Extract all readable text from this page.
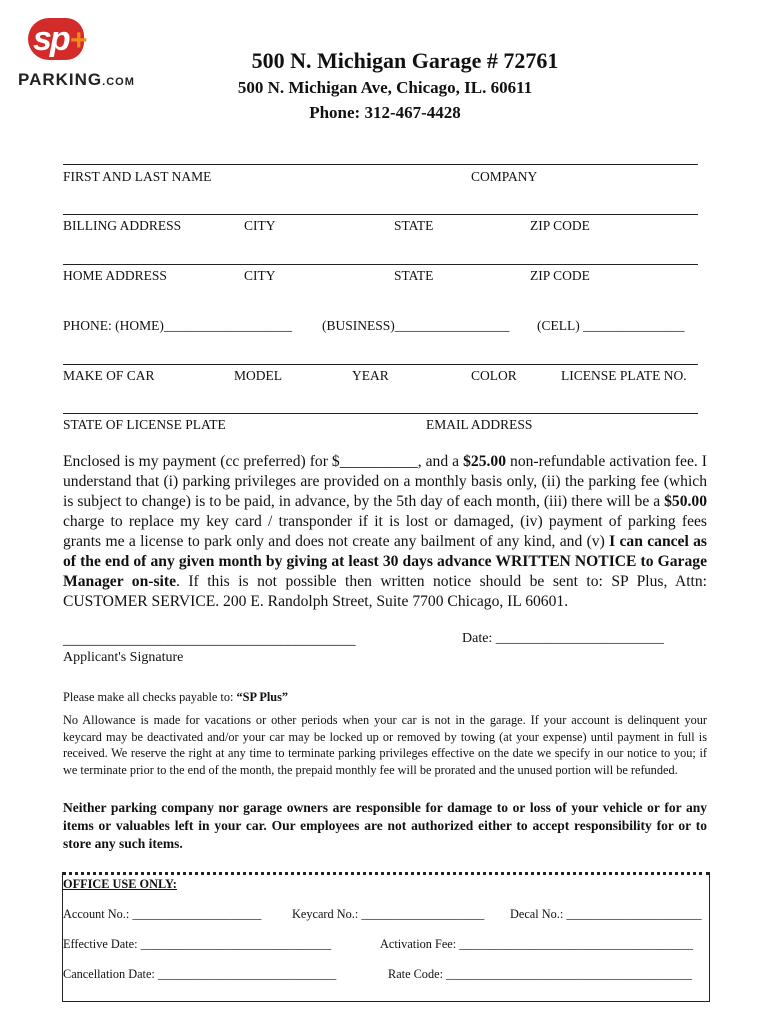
sp +
PARKING.COM
500 N. Michigan Garage # 72761
500 N. Michigan Ave, Chicago, IL. 60611
Phone: 312-467-4428
FIRST AND LAST NAME	COMPANY
BILLING ADDRESS	CITY	STATE	ZIP CODE
HOME ADDRESS	CITY	STATE	ZIP CODE
PHONE: (HOME)___________________ (BUSINESS)_________________ (CELL) _______________
MAKE OF CAR	MODEL	YEAR	COLOR	LICENSE PLATE NO.
STATE OF LICENSE PLATE	EMAIL ADDRESS
Enclosed is my payment (cc preferred) for $__________, and a $25.00 non-refundable activation fee. I understand that (i) parking privileges are provided on a monthly basis only, (ii) the parking fee (which is subject to change) is to be paid, in advance, by the 5th day of each month, (iii) there will be a $50.00 charge to replace my key card / transponder if it is lost or damaged, (iv) payment of parking fees grants me a license to park only and does not create any bailment of any kind, and (v) I can cancel as of the end of any given month by giving at least 30 days advance WRITTEN NOTICE to Garage Manager on-site. If this is not possible then written notice should be sent to: SP Plus, Attn: CUSTOMER SERVICE. 200 E. Randolph Street, Suite 7700 Chicago, IL 60601.
_______________________________________
Applicant's Signature
Date: ________________________
Please make all checks payable to: “SP Plus”
No Allowance is made for vacations or other periods when your car is not in the garage. If your account is delinquent your keycard may be deactivated and/or your car may be locked up or removed by towing (at your expense) until payment in full is received. We reserve the right at any time to terminate parking privileges effective on the date we specify in our notice to you; if we terminate prior to the end of the month, the prepaid monthly fee will be prorated and the unused portion will be refunded.
Neither parking company nor garage owners are responsible for damage to or loss of your vehicle or for any items or valuables left in your car. Our employees are not authorized either to accept responsibility for or to store any such items.
OFFICE USE ONLY:
Account No.: _____________________ Keycard No.: ____________________ Decal No.: ______________________
Effective Date: _______________________________	Activation Fee: ______________________________________
Cancellation Date: _____________________________	Rate Code: ________________________________________
